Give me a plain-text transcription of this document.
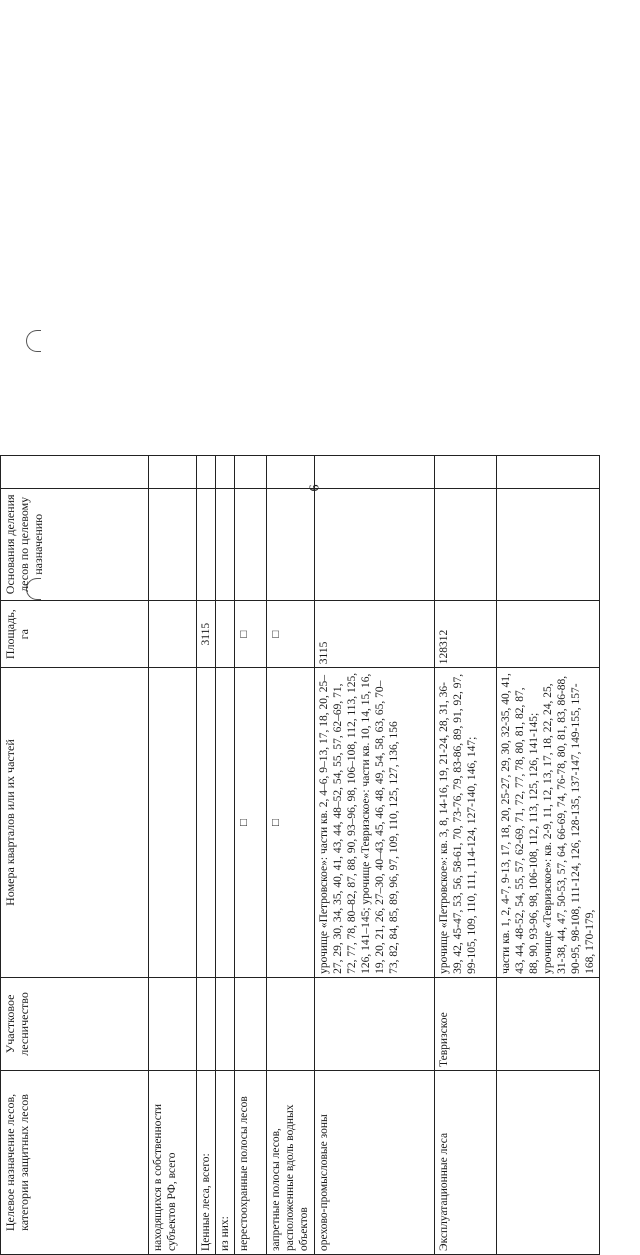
6
Целевое назначение лесов, категории защитных лесов	Участковое лесничество	Номера кварталов или их частей	Площадь, га	Основания деления лесов по целевому назначению	
находящихся в собственности субъектов РФ, всего					
Ценные леса, всего:			3115		
из них:					
нерестоохранные полосы лесов		□	□		
запретные полосы лесов, расположенные вдоль водных объектов		□	□		
орехово-промысловые зоны		урочище «Петровское»: части кв. 2, 4–6, 9–13, 17, 18, 20, 25–27, 29, 30, 34, 35, 40, 41, 43, 44, 48–52, 54, 55, 57, 62–69, 71, 72, 77, 78, 80–82, 87, 88, 90, 93–96, 98, 106–108, 112, 113, 125, 126, 141–145; урочище «Тевризское»: части кв. 10, 14, 15, 16, 19, 20, 21, 26, 27–30, 40–43, 45, 46, 48, 49, 54, 58, 63, 65, 70–73, 82, 84, 85, 89, 96, 97, 109, 110, 125, 127, 136, 156	3115		
Эксплуатационные леса	Тевризское	урочище «Петровское»: кв. 3, 8, 14-16, 19, 21-24, 28, 31, 36-39, 42, 45-47, 53, 56, 58-61, 70, 73-76, 79, 83-86, 89, 91, 92, 97, 99-105, 109, 110, 111, 114-124, 127-140, 146, 147;	128312		
		части кв. 1, 2, 4-7, 9-13, 17, 18, 20, 25-27, 29, 30, 32-35, 40, 41, 43, 44, 48-52, 54, 55, 57, 62-69, 71, 72, 77, 78, 80, 81, 82, 87, 88, 90, 93-96, 98, 106-108, 112, 113, 125, 126, 141-145; урочище «Тевризское»: кв. 2-9, 11, 12, 13, 17, 18, 22, 24, 25, 31-38, 44, 47, 50-53, 57, 64, 66-69, 74, 76-78, 80, 81, 83, 86-88, 90-95, 98-108, 111-124, 126, 128-135, 137-147, 149-155, 157-168, 170-179,			
